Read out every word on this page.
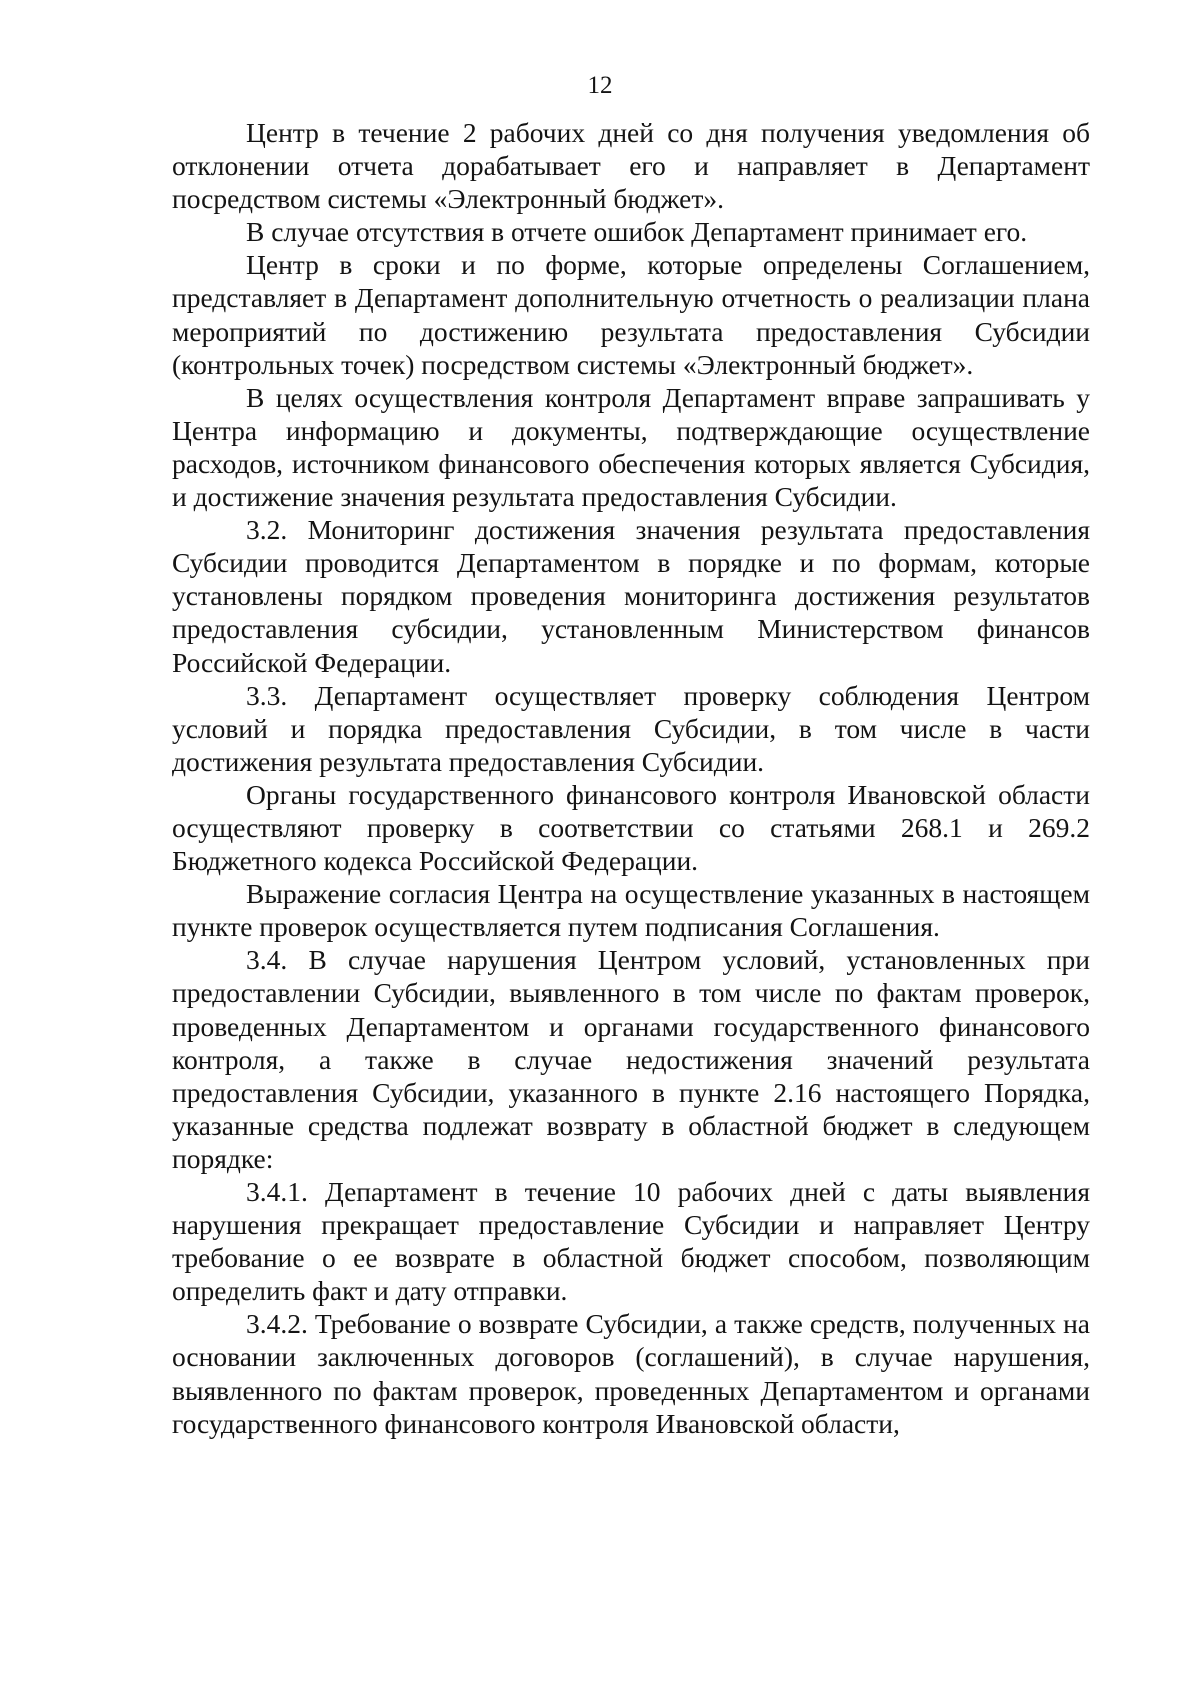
12

Центр в течение 2 рабочих дней со дня получения уведомления об отклонении отчета дорабатывает его и направляет в Департамент посредством системы «Электронный бюджет».

В случае отсутствия в отчете ошибок Департамент принимает его.

Центр в сроки и по форме, которые определены Соглашением, представляет в Департамент дополнительную отчетность о реализации плана мероприятий по достижению результата предоставления Субсидии (контрольных точек) посредством системы «Электронный бюджет».

В целях осуществления контроля Департамент вправе запрашивать у Центра информацию и документы, подтверждающие осуществление расходов, источником финансового обеспечения которых является Субсидия, и достижение значения результата предоставления Субсидии.

3.2. Мониторинг достижения значения результата предоставления Субсидии проводится Департаментом в порядке и по формам, которые установлены порядком проведения мониторинга достижения результатов предоставления субсидии, установленным Министерством финансов Российской Федерации.

3.3. Департамент осуществляет проверку соблюдения Центром условий и порядка предоставления Субсидии, в том числе в части достижения результата предоставления Субсидии.

Органы государственного финансового контроля Ивановской области осуществляют проверку в соответствии со статьями 268.1 и 269.2 Бюджетного кодекса Российской Федерации.

Выражение согласия Центра на осуществление указанных в настоящем пункте проверок осуществляется путем подписания Соглашения.

3.4. В случае нарушения Центром условий, установленных при предоставлении Субсидии, выявленного в том числе по фактам проверок, проведенных Департаментом и органами государственного финансового контроля, а также в случае недостижения значений результата предоставления Субсидии, указанного в пункте 2.16 настоящего Порядка, указанные средства подлежат возврату в областной бюджет в следующем порядке:

3.4.1. Департамент в течение 10 рабочих дней с даты выявления нарушения прекращает предоставление Субсидии и направляет Центру требование о ее возврате в областной бюджет способом, позволяющим определить факт и дату отправки.

3.4.2. Требование о возврате Субсидии, а также средств, полученных на основании заключенных договоров (соглашений), в случае нарушения, выявленного по фактам проверок, проведенных Департаментом и органами государственного финансового контроля Ивановской области,
